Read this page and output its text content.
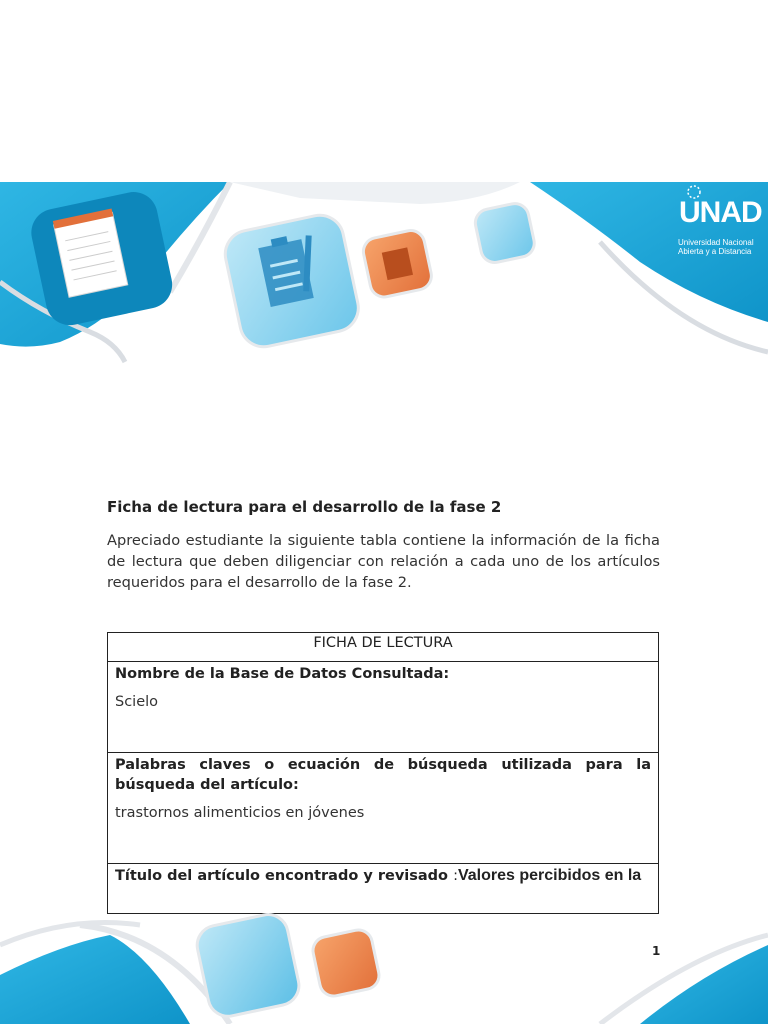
UNAD
Universidad Nacional
Abierta y a Distancia
Ficha de lectura para el desarrollo de la fase 2
Apreciado estudiante la siguiente tabla contiene la información de la ficha de lectura que deben diligenciar con relación a cada uno de los artículos requeridos para el desarrollo de la fase 2.
FICHA DE LECTURA

Nombre de la Base de Datos Consultada:
Scielo

Palabras claves o ecuación de búsqueda utilizada para la búsqueda del artículo:
trastornos alimenticios en jóvenes

Título del artículo encontrado y revisado :Valores percibidos en la
1
